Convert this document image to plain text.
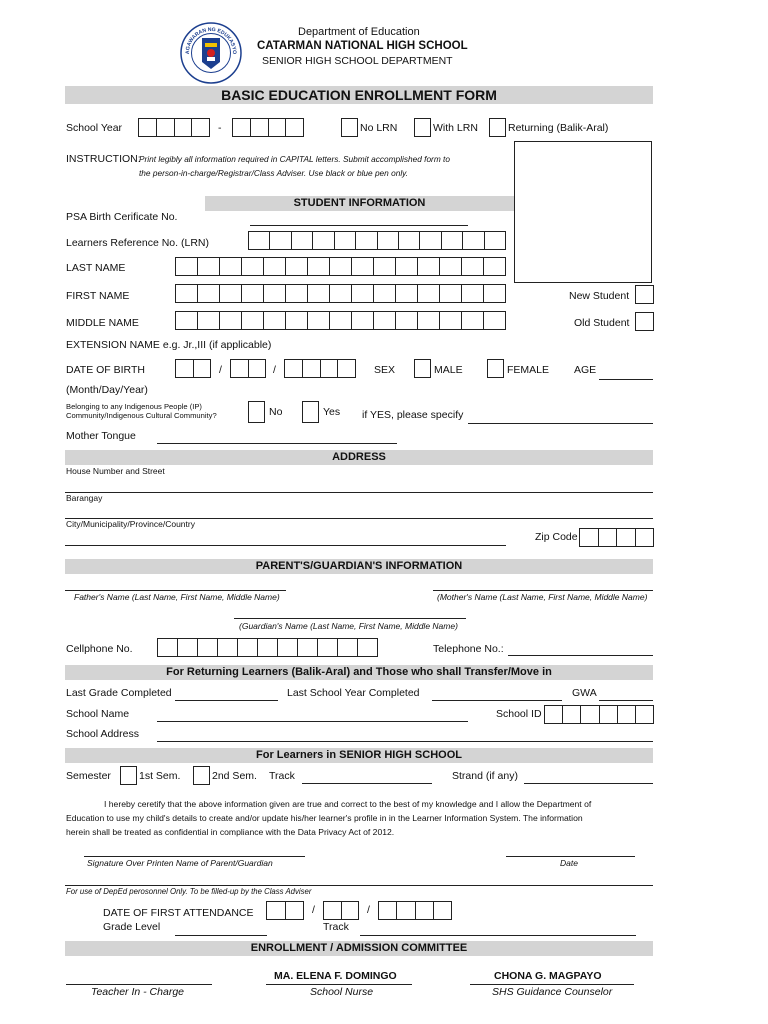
AGAWARAN NG EDUKASYO
Department of Education
CATARMAN NATIONAL HIGH SCHOOL
SENIOR HIGH SCHOOL DEPARTMENT
BASIC EDUCATION ENROLLMENT FORM
School Year	-	No LRN	With LRN	Returning (Balik-Aral)
INSTRUCTION:
Print legibly all information required in CAPITAL letters. Submit accomplished form to
the person-in-charge/Registrar/Class Adviser. Use black or blue pen only.
STUDENT INFORMATION
PSA Birth Cerificate No.
Learners Reference No. (LRN)
LAST NAME
FIRST NAME	New Student
MIDDLE NAME	Old Student
EXTENSION NAME e.g. Jr.,III (if applicable)
DATE OF BIRTH	/	/	SEX	MALE	FEMALE AGE
(Month/Day/Year)
Belonging to any Indigenous People (IP)
Community/Indigenous Cultural Community?	No	Yes if YES, please specify
Mother Tongue
ADDRESS
House Number and Street
Barangay
City/Municipality/Province/Country
Zip Code
PARENT'S/GUARDIAN'S INFORMATION
Father's Name (Last Name, First Name, Middle Name)	(Mother's Name (Last Name, First Name, Middle Name)
(Guardian's Name (Last Name, First Name, Middle Name)
Cellphone No.	Telephone No.:
For Returning Learners (Balik-Aral) and Those who shall Transfer/Move in
Last Grade Completed	Last School Year Completed	GWA
School Name	School ID
School Address
For Learners in SENIOR HIGH SCHOOL
Semester	1st Sem.	2nd Sem. Track	Strand (if any)
I hereby ceretify that the above information given are true and correct to the best of my knowledge and I allow the Department of
Education to use my child's details to create and/or update his/her learner's profile in in the Learner Information System. The information
herein shall be treated as confidential in compliance with the Data Privacy Act of 2012.
Signature Over Printen Name of Parent/Guardian	Date
For use of DepEd perosonnel Only. To be filled-up by the Class Adviser
DATE OF FIRST ATTENDANCE	/	/
Grade Level	Track
ENROLLMENT / ADMISSION COMMITTEE
Teacher In - Charge
MA. ELENA F. DOMINGO
School Nurse
CHONA G. MAGPAYO
SHS Guidance Counselor
